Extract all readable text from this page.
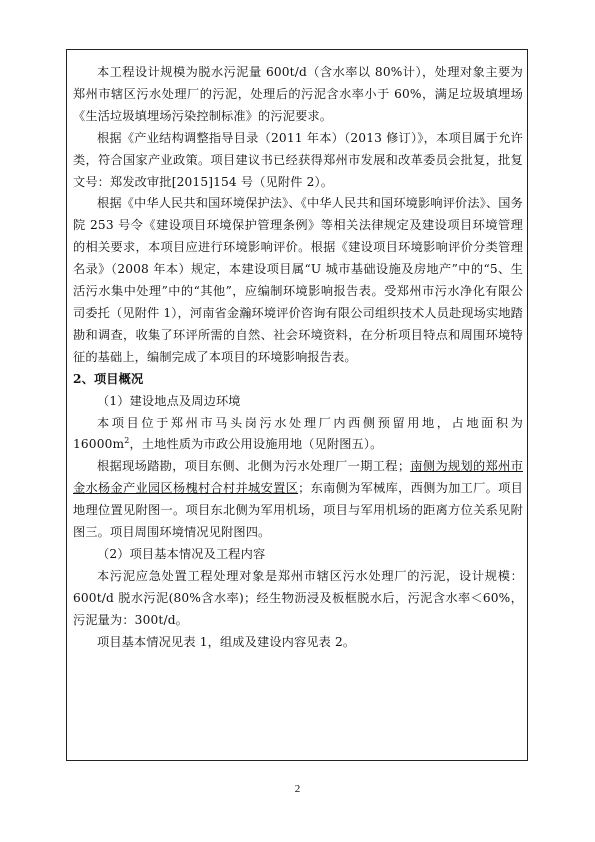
本工程设计规模为脱水污泥量 600t/d（含水率以 80%计），处理对象主要为郑州市辖区污水处理厂的污泥，处理后的污泥含水率小于 60%，满足垃圾填埋场《生活垃圾填埋场污染控制标准》的污泥要求。

根据《产业结构调整指导目录（2011 年本）（2013 修订）》，本项目属于允许类，符合国家产业政策。项目建议书已经获得郑州市发展和改革委员会批复，批复文号：郑发改审批[2015]154 号（见附件 2）。

根据《中华人民共和国环境保护法》、《中华人民共和国环境影响评价法》、国务院 253 号令《建设项目环境保护管理条例》等相关法律规定及建设项目环境管理的相关要求，本项目应进行环境影响评价。根据《建设项目环境影响评价分类管理名录》（2008 年本）规定，本建设项目属“U 城市基础设施及房地产”中的“5、生活污水集中处理”中的“其他”，应编制环境影响报告表。受郑州市污水净化有限公司委托（见附件 1），河南省金瀚环境评价咨询有限公司组织技术人员赴现场实地踏勘和调查，收集了环评所需的自然、社会环境资料，在分析项目特点和周围环境特征的基础上，编制完成了本项目的环境影响报告表。

2、项目概况

（1）建设地点及周边环境

本项目位于郑州市马头岗污水处理厂内西侧预留用地，占地面积为 $16000m^2$，土地性质为市政公用设施用地（见附图五）。

根据现场踏勘，项目东侧、北侧为污水处理厂一期工程；南侧为规划的郑州市金水杨金产业园区杨槐村合村并城安置区；东南侧为军械库，西侧为加工厂。项目地理位置见附图一。项目东北侧为军用机场，项目与军用机场的距离方位关系见附图三。项目周围环境情况见附图四。

（2）项目基本情况及工程内容

本污泥应急处置工程处理对象是郑州市辖区污水处理厂的污泥，设计规模：600t/d 脱水污泥(80%含水率)；经生物沥浸及板框脱水后，污泥含水率＜60%，污泥量为：300t/d。

项目基本情况见表 1，组成及建设内容见表 2。

2
